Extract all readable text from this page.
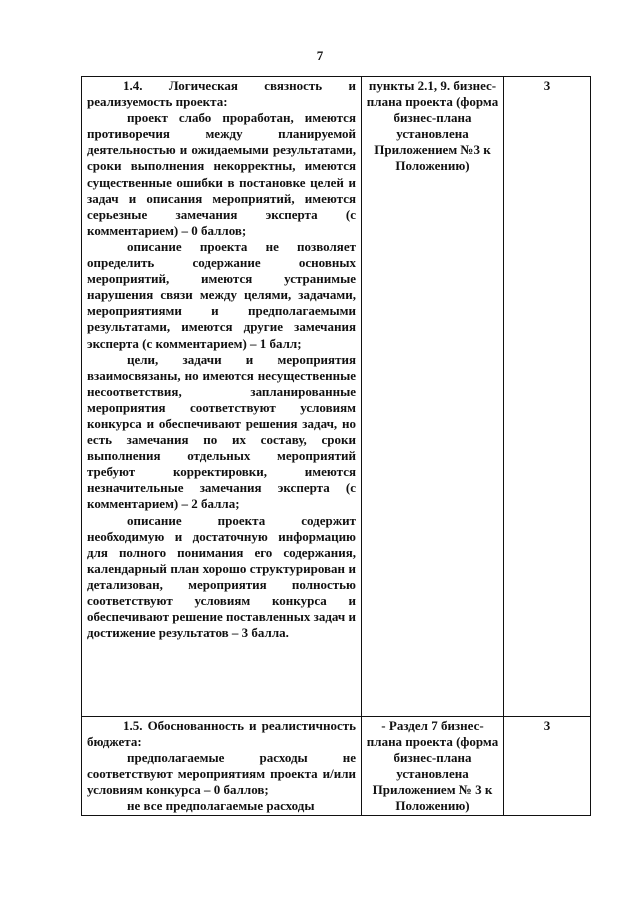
7
1.4. Логическая связность и реализуемость проекта:
проект слабо проработан, имеются противоречия между планируемой деятельностью и ожидаемыми результатами, сроки выполнения некорректны, имеются существенные ошибки в постановке целей и задач и описания мероприятий, имеются серьезные замечания эксперта (с комментарием) – 0 баллов;
описание проекта не позволяет определить содержание основных мероприятий, имеются устранимые нарушения связи между целями, задачами, мероприятиями и предполагаемыми результатами, имеются другие замечания эксперта (с комментарием) – 1 балл;
цели, задачи и мероприятия взаимосвязаны, но имеются несущественные несоответствия, запланированные мероприятия соответствуют условиям конкурса и обеспечивают решения задач, но есть замечания по их составу, сроки выполнения отдельных мероприятий требуют корректировки, имеются незначительные замечания эксперта (с комментарием) – 2 балла;
описание проекта содержит необходимую и достаточную информацию для полного понимания его содержания, календарный план хорошо структурирован и детализован, мероприятия полностью соответствуют условиям конкурса и обеспечивают решение поставленных задач и достижение результатов – 3 балла.	пункты 2.1, 9. бизнес-плана проекта (форма бизнес-плана установлена Приложением №3 к Положению)	3

1.5. Обоснованность и реалистичность бюджета:
предполагаемые расходы не соответствуют мероприятиям проекта и/или условиям конкурса – 0 баллов;
не все предполагаемые расходы	- Раздел 7 бизнес-плана проекта (форма бизнес-плана установлена Приложением № 3 к Положению)	3
